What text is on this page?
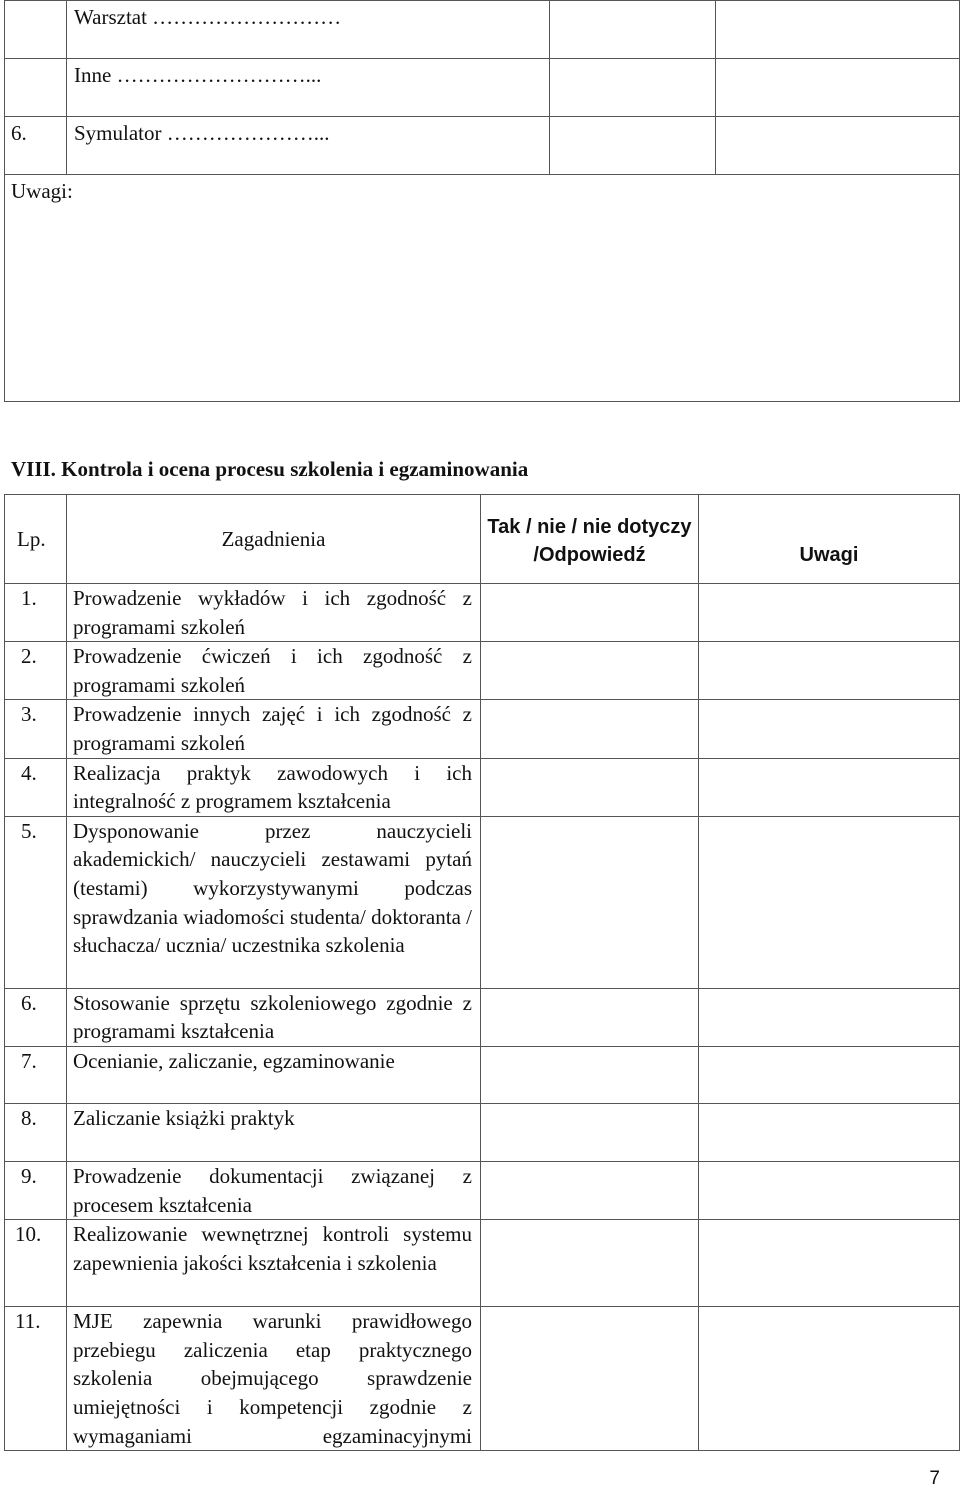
	Warsztat ………………………		
	Inne ………………………...		
6.	Symulator …………………...		
Uwagi:			
VIII. Kontrola i ocena procesu szkolenia i egzaminowania
Lp.	Zagadnienia	Tak / nie / nie dotyczy /Odpowiedź	Uwagi
1.	Prowadzenie wykładów i ich zgodność z programami szkoleń		
2.	Prowadzenie ćwiczeń i ich zgodność z programami szkoleń		
3.	Prowadzenie innych zajęć i ich zgodność z programami szkoleń		
4.	Realizacja praktyk zawodowych i ich integralność z programem kształcenia		
5.	Dysponowanie przez nauczycieli akademickich/ nauczycieli zestawami pytań (testami) wykorzystywanymi podczas sprawdzania wiadomości studenta/ doktoranta / słuchacza/ ucznia/ uczestnika szkolenia		
6.	Stosowanie sprzętu szkoleniowego zgodnie z programami kształcenia		
7.	Ocenianie, zaliczanie, egzaminowanie		
8.	Zaliczanie książki praktyk		
9.	Prowadzenie dokumentacji związanej z procesem kształcenia		
10.	Realizowanie wewnętrznej kontroli systemu zapewnienia jakości kształcenia i szkolenia		
11.	MJE zapewnia warunki prawidłowego przebiegu zaliczenia etap praktycznego szkolenia obejmującego sprawdzenie umiejętności i kompetencji zgodnie z wymaganiami egzaminacyjnymi		
7
